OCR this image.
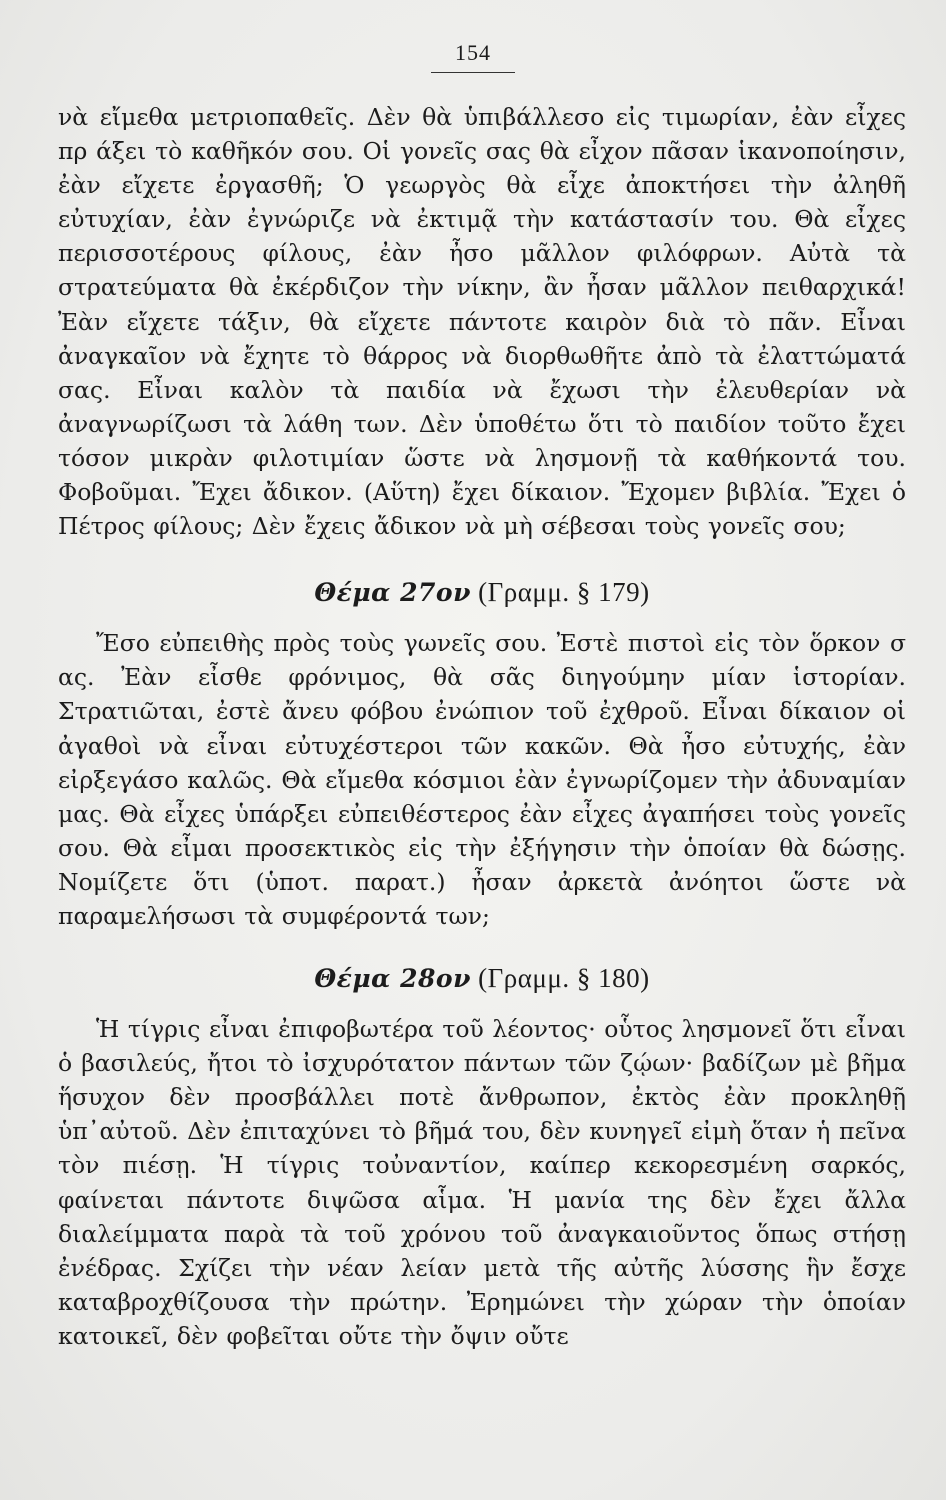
154

νὰ εἴμεθα μετριοπαθεῖς. Δὲν θὰ ὑπιβάλλεσο εἰς τιμωρίαν, ἐὰν εἶχες πρ άξει τὸ καθῆκόν σου. Οἱ γονεῖς σας θὰ εἶχον πᾶσαν ἱκανοποίησιν, ἐὰν εἴχετε ἐργασθῆ; Ὁ γεωργὸς θὰ εἶχε ἀποκτήσει τὴν ἀληθῆ εὐτυχίαν, ἐὰν ἐγνώριζε νὰ ἐκτιμᾷ τὴν κατάστασίν του. Θὰ εἶχες περισσοτέρους φίλους, ἐὰν ἦσο μᾶλλον φιλόφρων. Αὐτὰ τὰ στρατεύματα θὰ ἐκέρδιζον τὴν νίκην, ἂν ἦσαν μᾶλλον πειθαρχικά! Ἐὰν εἴχετε τάξιν, θὰ εἴχετε πάντοτε καιρὸν διὰ τὸ πᾶν. Εἶναι ἀναγκαῖον νὰ ἔχητε τὸ θάρρος νὰ διορθωθῆτε ἀπὸ τὰ ἐλαττώματά σας. Εἶναι καλὸν τὰ παιδία νὰ ἔχωσι τὴν ἐλευθερίαν νὰ ἀναγνωρίζωσι τὰ λάθη των. Δὲν ὑποθέτω ὅτι τὸ παιδίον τοῦτο ἔχει τόσον μικρὰν φιλοτιμίαν ὥστε νὰ λησμονῇ τὰ καθήκοντά του. Φοβοῦμαι. Ἔχει ἄδικον. (Αὕτη) ἔχει δίκαιον. Ἔχομεν βιβλία. Ἔχει ὁ Πέτρος φίλους; Δὲν ἔχεις ἄδικον νὰ μὴ σέβεσαι τοὺς γονεῖς σου;

Θέμα 27ον (Γραμμ. § 179)

Ἔσο εὐπειθὴς πρὸς τοὺς γωνεῖς σου. Ἐστὲ πιστοὶ εἰς τὸν ὅρκον σ ας. Ἐὰν εἶσθε φρόνιμος, θὰ σᾶς διηγούμην μίαν ἱστορίαν. Στρατιῶται, ἐστὲ ἄνευ φόβου ἐνώπιον τοῦ ἐχθροῦ. Εἶναι δίκαιον οἱ ἀγαθοὶ νὰ εἶναι εὐτυχέστεροι τῶν κακῶν. Θὰ ἦσο εὐτυχής, ἐὰν εἰρξεγάσο καλῶς. Θὰ εἴμεθα κόσμιοι ἐὰν ἐγνωρίζομεν τὴν ἀδυναμίαν μας. Θὰ εἶχες ὑπάρξει εὐπειθέστερος ἐὰν εἶχες ἀγαπήσει τοὺς γονεῖς σου. Θὰ εἶμαι προσεκτικὸς εἰς τὴν ἐξήγησιν τὴν ὁποίαν θὰ δώσῃς. Νομίζετε ὅτι (ὑποτ. παρατ.) ἦσαν ἀρκετὰ ἀνόητοι ὥστε νὰ παραμελήσωσι τὰ συμφέροντά των;

Θέμα 28ον (Γραμμ. § 180)

Ἡ τίγρις εἶναι ἐπιφοβωτέρα τοῦ λέοντος· οὗτος λησμονεῖ ὅτι εἶναι ὁ βασιλεύς, ἤτοι τὸ ἰσχυρότατον πάντων τῶν ζῴων· βαδίζων μὲ βῆμα ἥσυχον δὲν προσβάλλει ποτὲ ἄνθρωπον, ἐκτὸς ἐὰν προκληθῇ ὑπ᾽αὐτοῦ. Δὲν ἐπιταχύνει τὸ βῆμά του, δὲν κυνηγεῖ εἰμὴ ὅταν ἡ πεῖνα τὸν πιέσῃ. Ἡ τίγρις τοὐναντίον, καίπερ κεκορεσμένη σαρκός, φαίνεται πάντοτε διψῶσα αἷμα. Ἡ μανία της δὲν ἔχει ἄλλα διαλείμματα παρὰ τὰ τοῦ χρόνου τοῦ ἀναγκαιοῦντος ὅπως στήσῃ ἐνέδρας. Σχίζει τὴν νέαν λείαν μετὰ τῆς αὐτῆς λύσσης ἣν ἔσχε καταβροχθίζουσα τὴν πρώτην. Ἐρημώνει τὴν χώραν τὴν ὁποίαν κατοικεῖ, δὲν φοβεῖται οὔτε τὴν ὄψιν οὔτε
